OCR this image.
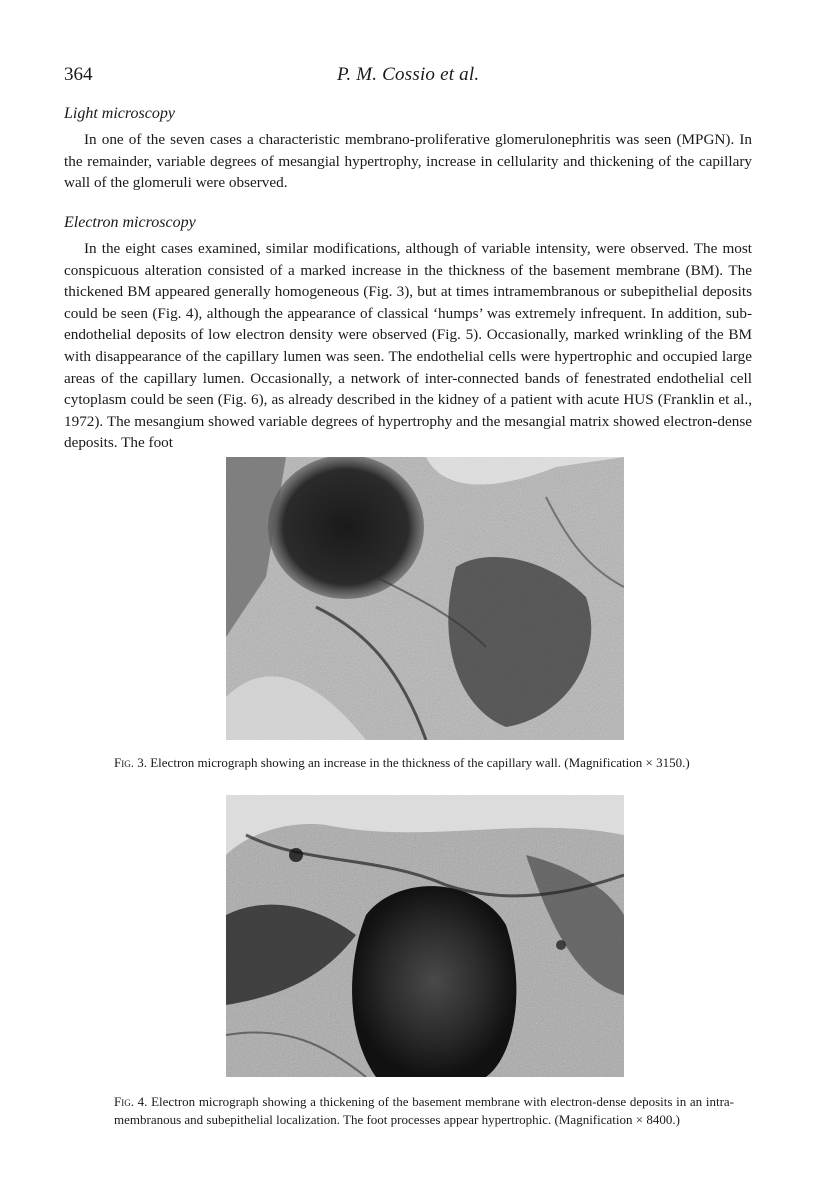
364	P. M. Cossio et al.

Light microscopy

In one of the seven cases a characteristic membrano-proliferative glomerulonephritis was seen (MPGN). In the remainder, variable degrees of mesangial hypertrophy, increase in cellularity and thickening of the capillary wall of the glomeruli were observed.

Electron microscopy

In the eight cases examined, similar modifications, although of variable intensity, were observed. The most conspicuous alteration consisted of a marked increase in the thickness of the basement membrane (BM). The thickened BM appeared generally homogeneous (Fig. 3), but at times intramembranous or subepithelial deposits could be seen (Fig. 4), although the appearance of classical ‘humps’ was extremely infrequent. In addition, sub-endothelial deposits of low electron density were observed (Fig. 5). Occasionally, marked wrinkling of the BM with disappearance of the capillary lumen was seen. The endothelial cells were hypertrophic and occupied large areas of the capillary lumen. Occasionally, a network of inter-connected bands of fenestrated endothelial cell cytoplasm could be seen (Fig. 6), as already described in the kidney of a patient with acute HUS (Franklin et al., 1972). The mesangium showed variable degrees of hypertrophy and the mesangial matrix showed electron-dense deposits. The foot

Fig. 3. Electron micrograph showing an increase in the thickness of the capillary wall. (Magnification × 3150.)

Fig. 4. Electron micrograph showing a thickening of the basement membrane with electron-dense deposits in an intra-membranous and subepithelial localization. The foot processes appear hypertrophic. (Magnification × 8400.)
